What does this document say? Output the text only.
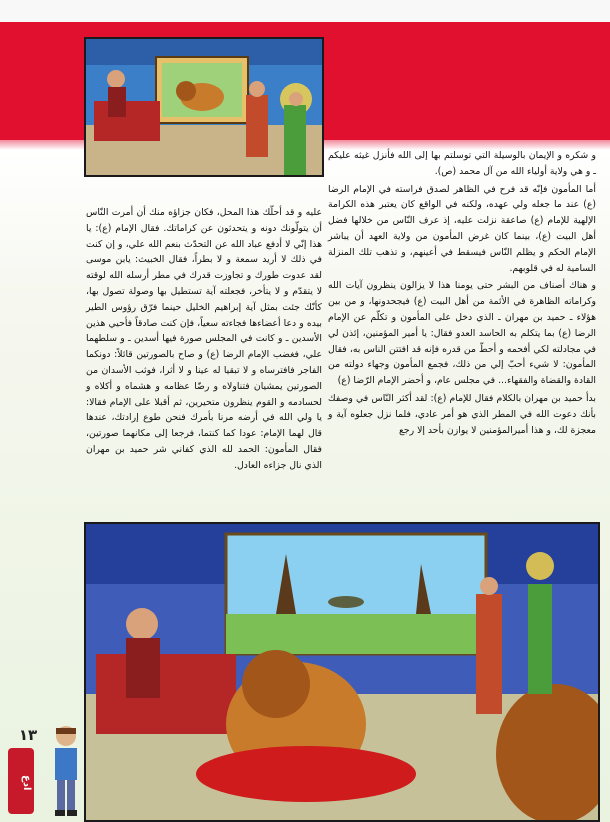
و شكره و الإيمان بالوسيلة التي توسلتم بها إلى الله فأنزل غيثه عليكم ـ و هي ولاية أولياء الله من آل محمد (ص).

أما المأمون فإنّه قد فرح في الظاهر لصدق فراسته في الإمام الرضا (ع) عند ما جعله ولي عهده، ولكنه في الواقع كان يعتبر هذه الكرامة الإلهية للإمام (ع) صاعقة نزلت عليه، إذ عرف النّاس من خلالها فضل أهل البيت (ع)، بينما كان غرض المأمون من ولاية العهد أن يباشر الإمام الحكم و يظلم النّاس فيسقط في أعينهم، و تذهب تلك المنزلة السامية له في قلوبهم.

و هناك أصناف من البشر حتى يومنا هذا لا يزالون ينظرون آيات الله وكراماته الظاهرة في الأئمة من أهل البيت (ع) فيجحدونها، و من بين هؤلاء ـ حميد بن مهران ـ الذي دخل على المأمون و تكلّم عن الإمام الرضا (ع) بما يتكلم به الحاسد العدو فقال: يا أمير المؤمنين، إئذن لي في مجادلته لكي أفحمه و أحطّ من قدره فإنه قد افتتن الناس به، فقال المأمون: لا شيء أحبّ إلي من ذلك، فجمع المأمون وجهاء دولته من القادة والقضاة والفقهاء... في مجلس عام، و أحضر الإمام الرّضا (ع)

بدأ حميد بن مهران بالكلام فقال للإمام (ع): لقد أكثر النّاس في وصفك بأنك دعوت الله في المطر الذي هو أمر عادي، فلما نزل جعلوه آية و معجزة لك، و هذا أميرالمؤمنين لا يوازن بأحد إلا رجع

عليه و قد أحلّك هذا المحل، فكان جزاؤه منك أن أمرت النّاس أن يتولّونك دونه و يتحدثون عن كراماتك. فقال الإمام (ع): يا هذا إنّي لا أدفع عباد الله عن التحدّث بنعم الله علي، و إن كنت في ذلك لا أريد سمعة و لا بطراً، فقال الخبيث: يابن موسى لقد عدوت طورك و تجاوزت قدرك في مطر أرسله الله لوقته لا يتقدّم و لا يتأخر، فجعلته آية تستطيل بها وصولة تصول بها، كأنّك جئت بمثل آية إبراهيم الخليل حينما فرّق رؤوس الطير بيده و دعا أعضاءها فجاءته سعياً، فإن كنت صادقاً فأحيي هذين الأسدين ـ و كانت في المجلس صورة فيها أسدين ـ و سلطهما علي، فغضب الإمام الرضا (ع) و صاح بالصورتين قائلاً: دونكما الفاجر فافترساه و لا تبقيا له عينا و لا أثرا، فوثب الأسدان من الصورتين يمشيان فتناولاه و رضّا عظامه و هشماه و أكلاه و لحسادمه و القوم ينظرون متحيرين، ثم أقبلا على الإمام فقالا: يا ولي الله في أرضه مرنا بأمرك فنحن طوع إرادتك، عندها قال لهما الإمام: عودا كما كنتما، فرجعا إلى مكانهما صورتين، فقال المأمون: الحمد لله الذي كفاني شر حميد بن مهران الذي نال جزاءه العادل.

١٣
ادع
